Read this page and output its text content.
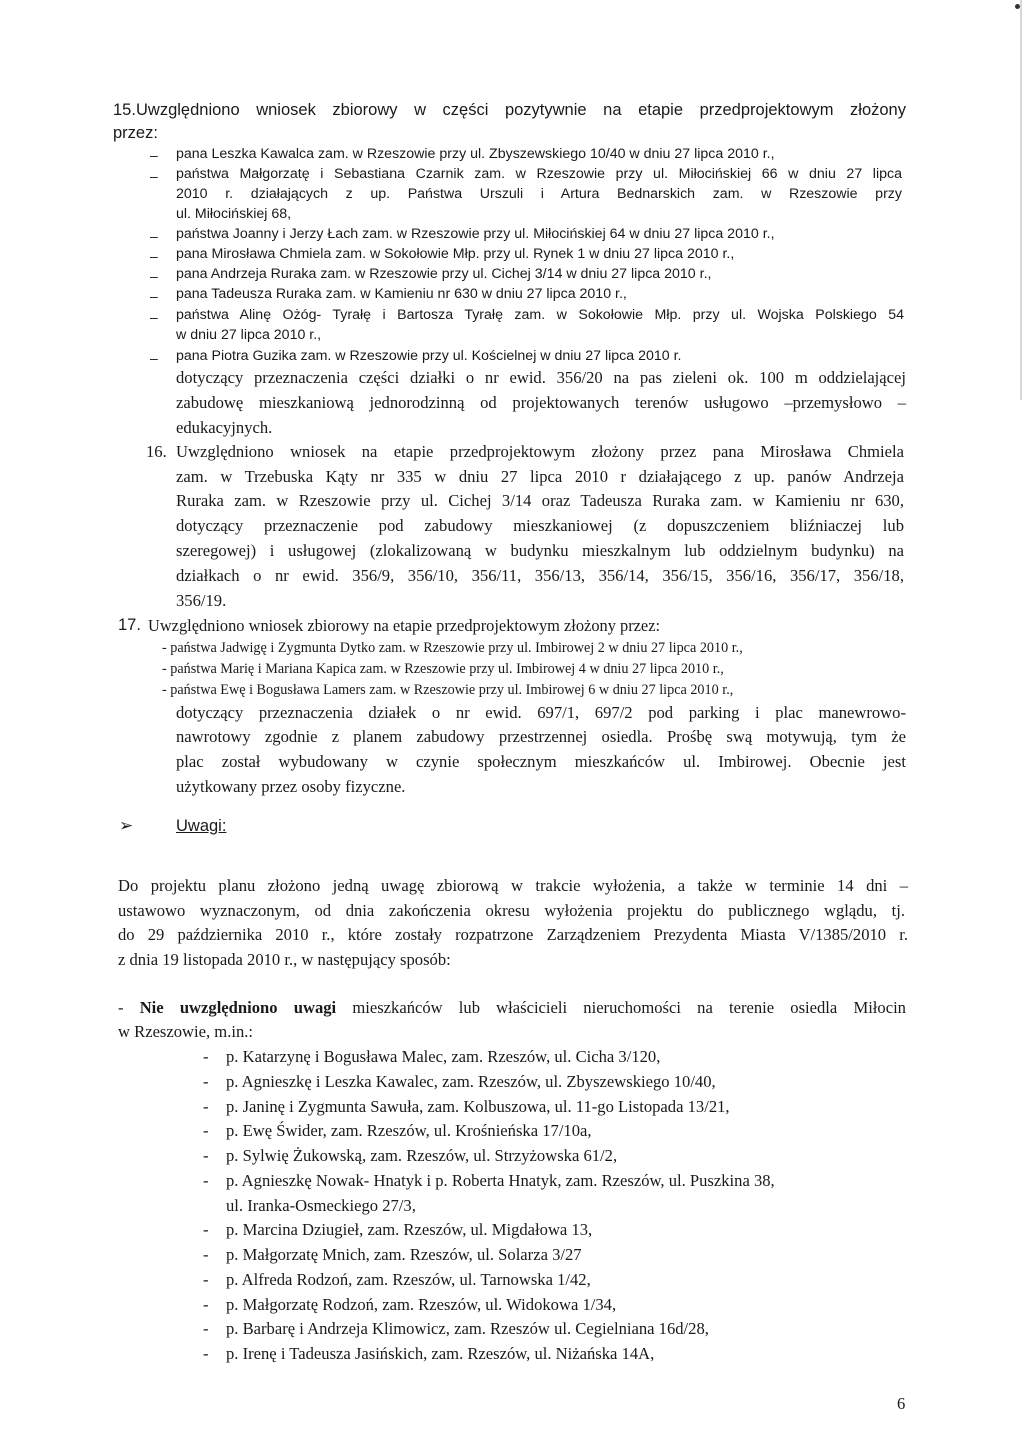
15. Uwzględniono wniosek zbiorowy w części pozytywnie na etapie przedprojektowym złożony
przez:
– pana Leszka Kawalca zam. w Rzeszowie przy ul. Zbyszewskiego 10/40 w dniu 27 lipca 2010 r.,
– państwa Małgorzatę i Sebastiana Czarnik zam. w Rzeszowie przy ul. Miłocińskiej 66 w dniu 27 lipca
2010 r. działających z up. Państwa Urszuli i Artura Bednarskich zam. w Rzeszowie przy
ul. Miłocińskiej 68,
– państwa Joanny i Jerzy Łach zam. w Rzeszowie przy ul. Miłocińskiej 64 w dniu 27 lipca 2010 r.,
– pana Mirosława Chmiela zam. w Sokołowie Młp. przy ul. Rynek 1 w dniu 27 lipca 2010 r.,
– pana Andrzeja Ruraka zam. w Rzeszowie przy ul. Cichej 3/14 w dniu 27 lipca 2010 r.,
– pana Tadeusza Ruraka zam. w Kamieniu nr 630 w dniu 27 lipca 2010 r.,
– państwa Alinę Ożóg- Tyrałę i Bartosza Tyrałę zam. w Sokołowie Młp. przy ul. Wojska Polskiego 54
w dniu 27 lipca 2010 r.,
– pana Piotra Guzika zam. w Rzeszowie przy ul. Kościelnej w dniu 27 lipca 2010 r.
dotyczący przeznaczenia części działki o nr ewid. 356/20 na pas zieleni ok. 100 m oddzielającej
zabudowę mieszkaniową jednorodzinną od projektowanych terenów usługowo –przemysłowo –
edukacyjnych.
16. Uwzględniono wniosek na etapie przedprojektowym złożony przez pana Mirosława Chmiela
zam. w Trzebuska Kąty nr 335 w dniu 27 lipca 2010 r działającego z up. panów Andrzeja
Ruraka zam. w Rzeszowie przy ul. Cichej 3/14 oraz Tadeusza Ruraka zam. w Kamieniu nr 630,
dotyczący przeznaczenie pod zabudowy mieszkaniowej (z dopuszczeniem bliźniaczej lub
szeregowej) i usługowej (zlokalizowaną w budynku mieszkalnym lub oddzielnym budynku) na
działkach o nr ewid. 356/9, 356/10, 356/11, 356/13, 356/14, 356/15, 356/16, 356/17, 356/18,
356/19.
17. Uwzględniono wniosek zbiorowy na etapie przedprojektowym złożony przez:
- państwa Jadwigę i Zygmunta Dytko zam. w Rzeszowie przy ul. Imbirowej 2 w dniu 27 lipca 2010 r.,
- państwa Marię i Mariana Kapica zam. w Rzeszowie przy ul. Imbirowej 4 w dniu 27 lipca 2010 r.,
- państwa Ewę i Bogusława Lamers zam. w Rzeszowie przy ul. Imbirowej 6 w dniu 27 lipca 2010 r.,
dotyczący przeznaczenia działek o nr ewid. 697/1, 697/2 pod parking i plac manewrowo-
nawrotowy zgodnie z planem zabudowy przestrzennej osiedla. Prośbę swą motywują, tym że
plac został wybudowany w czynie społecznym mieszkańców ul. Imbirowej. Obecnie jest
użytkowany przez osoby fizyczne.
➢	Uwagi:
Do projektu planu złożono jedną uwagę zbiorową w trakcie wyłożenia, a także w terminie 14 dni –
ustawowo wyznaczonym, od dnia zakończenia okresu wyłożenia projektu do publicznego wglądu, tj.
do 29 października 2010 r., które zostały rozpatrzone Zarządzeniem Prezydenta Miasta V/1385/2010 r.
z dnia 19 listopada 2010 r., w następujący sposób:
- Nie uwzględniono uwagi mieszkańców lub właścicieli nieruchomości na terenie osiedla Miłocin
w Rzeszowie, m.in.:
- p. Katarzynę i Bogusława Malec, zam. Rzeszów, ul. Cicha 3/120,
- p. Agnieszkę i Leszka Kawalec, zam. Rzeszów, ul. Zbyszewskiego 10/40,
- p. Janinę i Zygmunta Sawuła, zam. Kolbuszowa, ul. 11-go Listopada 13/21,
- p. Ewę Świder, zam. Rzeszów, ul. Krośnieńska 17/10a,
- p. Sylwię Żukowską, zam. Rzeszów, ul. Strzyżowska 61/2,
- p. Agnieszkę Nowak- Hnatyk i p. Roberta Hnatyk, zam. Rzeszów, ul. Puszkina 38,
ul. Iranka-Osmeckiego 27/3,
- p. Marcina Dziugieł, zam. Rzeszów, ul. Migdałowa 13,
- p. Małgorzatę Mnich, zam. Rzeszów, ul. Solarza 3/27
- p. Alfreda Rodzoń, zam. Rzeszów, ul. Tarnowska 1/42,
- p. Małgorzatę Rodzoń, zam. Rzeszów, ul. Widokowa 1/34,
- p. Barbarę i Andrzeja Klimowicz, zam. Rzeszów ul. Cegielniana 16d/28,
- p. Irenę i Tadeusza Jasińskich, zam. Rzeszów, ul. Niżańska 14A,
6
